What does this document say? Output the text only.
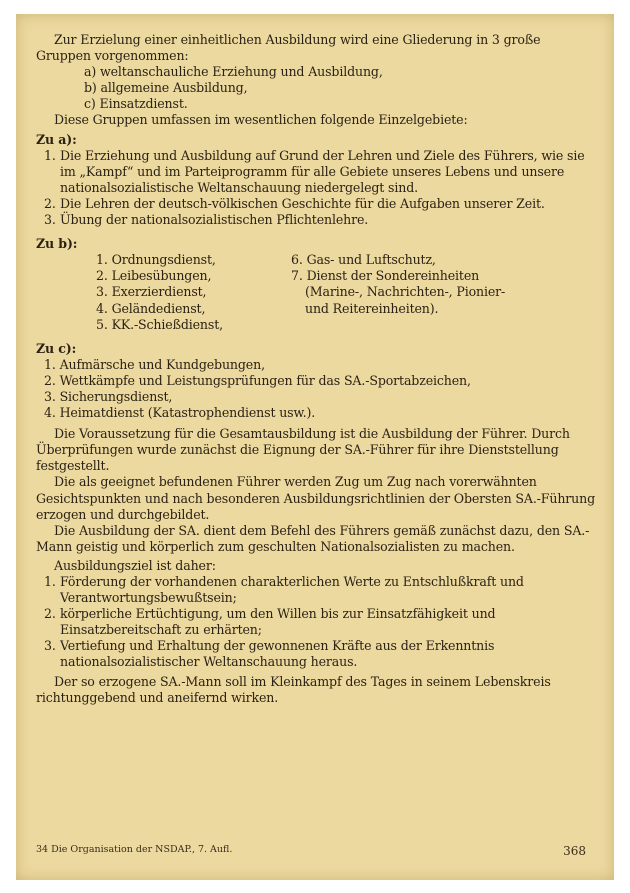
Zur Erzielung einer einheitlichen Ausbildung wird eine Gliederung in 3 große Gruppen vorgenommen:

a) weltanschauliche Erziehung und Ausbildung,

b) allgemeine Ausbildung,

c) Einsatzdienst.

Diese Gruppen umfassen im wesentlichen folgende Einzelgebiete:

Zu a):

1. Die Erziehung und Ausbildung auf Grund der Lehren und Ziele des Führers, wie sie im „Kampf“ und im Parteiprogramm für alle Gebiete unseres Lebens und unsere nationalsozialistische Weltanschauung niedergelegt sind.
2. Die Lehren der deutsch-völkischen Geschichte für die Aufgaben unserer Zeit.
3. Übung der nationalsozialistischen Pflichtenlehre.

Zu b):

1. Ordnungsdienst,

2. Leibesübungen,

3. Exerzierdienst,

4. Geländedienst,

5. KK.-Schießdienst,

6. Gas- und Luftschutz,

7. Dienst der Sondereinheiten

(Marine-, Nachrichten-, Pionier-

und Reitereinheiten).

Zu c):

1. Aufmärsche und Kundgebungen,

2. Wettkämpfe und Leistungsprüfungen für das SA.-Sportabzeichen,

3. Sicherungsdienst,

4. Heimatdienst (Katastrophendienst usw.).

Die Voraussetzung für die Gesamtausbildung ist die Ausbildung der Führer. Durch Überprüfungen wurde zunächst die Eignung der SA.-Führer für ihre Dienststellung festgestellt.

Die als geeignet befundenen Führer werden Zug um Zug nach vorerwähnten Gesichtspunkten und nach besonderen Ausbildungsrichtlinien der Obersten SA.-Führung erzogen und durchgebildet.

Die Ausbildung der SA. dient dem Befehl des Führers gemäß zunächst dazu, den SA.-Mann geistig und körperlich zum geschulten Nationalsozialisten zu machen.

Ausbildungsziel ist daher:

1. Förderung der vorhandenen charakterlichen Werte zu Entschlußkraft und Verantwortungsbewußtsein;
2. körperliche Ertüchtigung, um den Willen bis zur Einsatzfähigkeit und Einsatzbereitschaft zu erhärten;
3. Vertiefung und Erhaltung der gewonnenen Kräfte aus der Erkenntnis nationalsozialistischer Weltanschauung heraus.

Der so erzogene SA.-Mann soll im Kleinkampf des Tages in seinem Lebenskreis richtunggebend und aneifernd wirken.

34 Die Organisation der NSDAP., 7. Aufl.	368
